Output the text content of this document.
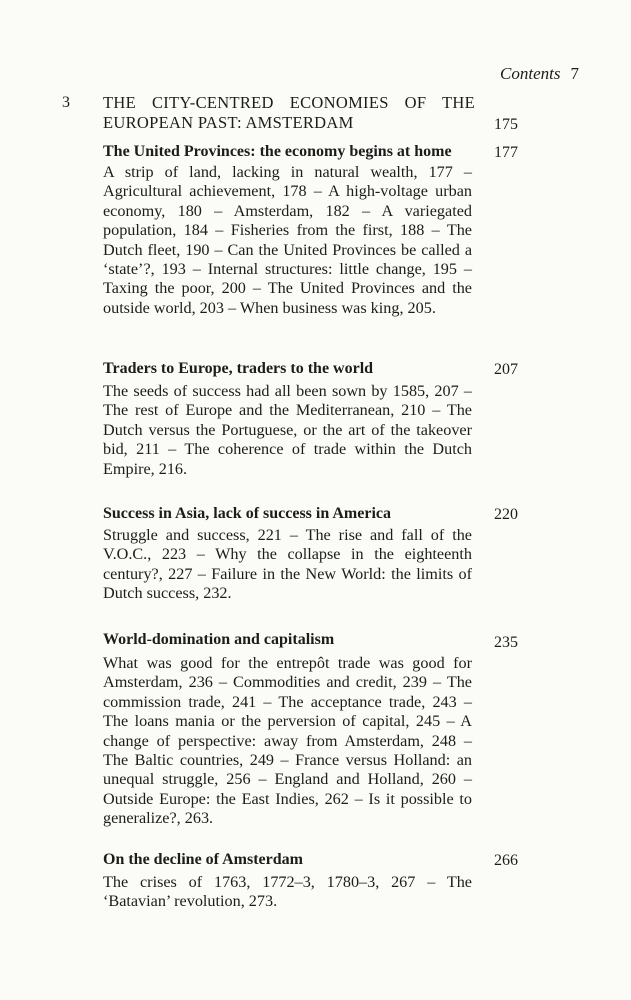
Contents 7
3 THE CITY-CENTRED ECONOMIES OF THE EUROPEAN PAST: AMSTERDAM	175
The United Provinces: the economy begins at home	177
A strip of land, lacking in natural wealth, 177 – Agricultural achievement, 178 – A high-voltage urban economy, 180 – Amsterdam, 182 – A variegated population, 184 – Fisheries from the first, 188 – The Dutch fleet, 190 – Can the United Provinces be called a ‘state’?, 193 – Internal structures: little change, 195 – Taxing the poor, 200 – The United Provinces and the outside world, 203 – When business was king, 205.
Traders to Europe, traders to the world	207
The seeds of success had all been sown by 1585, 207 – The rest of Europe and the Mediterranean, 210 – The Dutch versus the Portuguese, or the art of the takeover bid, 211 – The coherence of trade within the Dutch Empire, 216.
Success in Asia, lack of success in America	220
Struggle and success, 221 – The rise and fall of the V.O.C., 223 – Why the collapse in the eighteenth century?, 227 – Failure in the New World: the limits of Dutch success, 232.
World-domination and capitalism	235
What was good for the entrepôt trade was good for Amsterdam, 236 – Commodities and credit, 239 – The commission trade, 241 – The acceptance trade, 243 – The loans mania or the perversion of capital, 245 – A change of perspective: away from Amsterdam, 248 – The Baltic countries, 249 – France versus Holland: an unequal struggle, 256 – England and Holland, 260 – Outside Europe: the East Indies, 262 – Is it possible to generalize?, 263.
On the decline of Amsterdam	266
The crises of 1763, 1772–3, 1780–3, 267 – The ‘Batavian’ revolution, 273.
